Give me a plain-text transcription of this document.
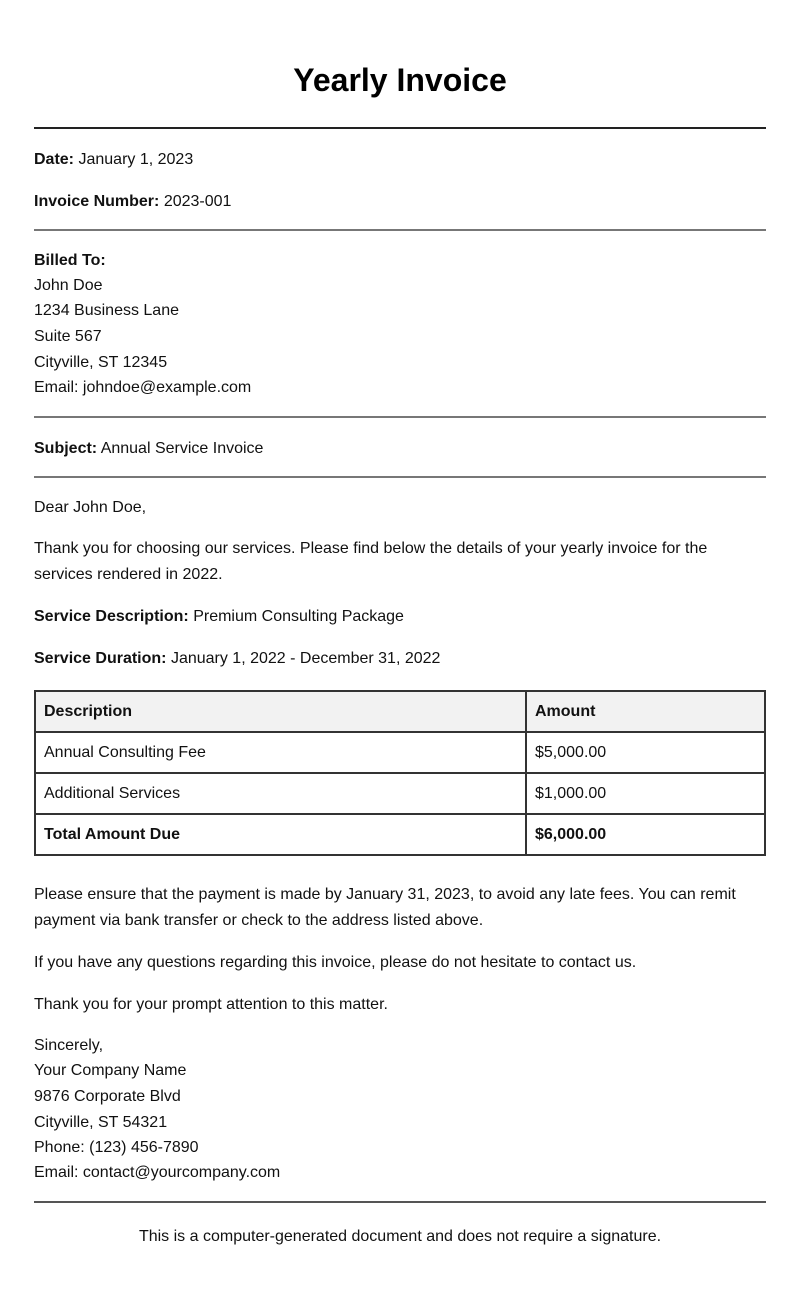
Yearly Invoice
Date: January 1, 2023
Invoice Number: 2023-001
Billed To:
John Doe
1234 Business Lane
Suite 567
Cityville, ST 12345
Email: johndoe@example.com
Subject: Annual Service Invoice
Dear John Doe,
Thank you for choosing our services. Please find below the details of your yearly invoice for the services rendered in 2022.
Service Description: Premium Consulting Package
Service Duration: January 1, 2022 - December 31, 2022
Description	Amount
Annual Consulting Fee	$5,000.00
Additional Services	$1,000.00
Total Amount Due	$6,000.00
Please ensure that the payment is made by January 31, 2023, to avoid any late fees. You can remit payment via bank transfer or check to the address listed above.
If you have any questions regarding this invoice, please do not hesitate to contact us.
Thank you for your prompt attention to this matter.
Sincerely,
Your Company Name
9876 Corporate Blvd
Cityville, ST 54321
Phone: (123) 456-7890
Email: contact@yourcompany.com
This is a computer-generated document and does not require a signature.
